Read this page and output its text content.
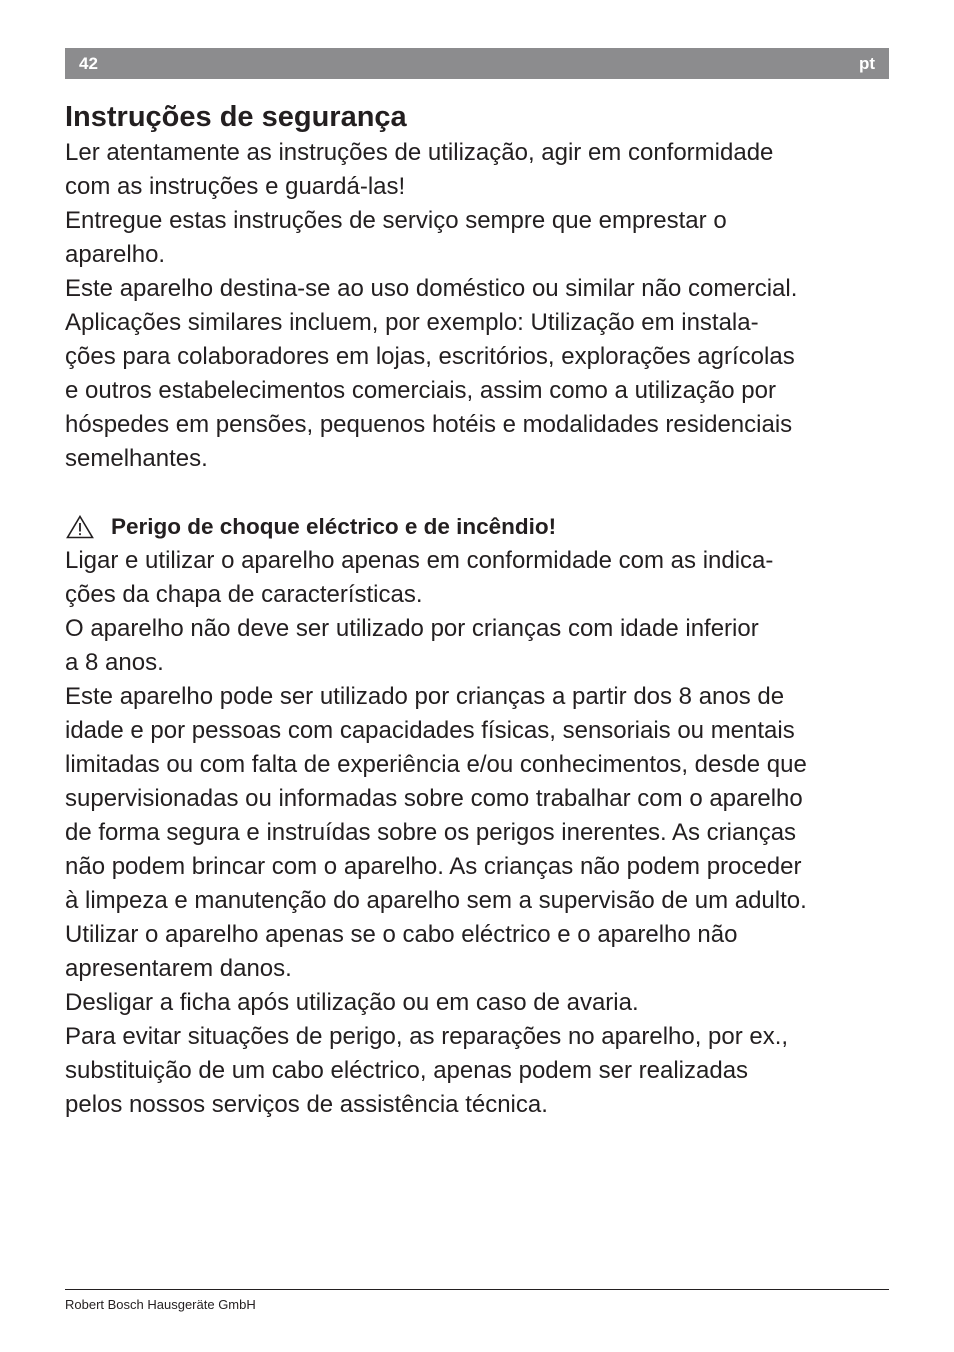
42	pt
Instruções de segurança

Ler atentamente as instruções de utilização, agir em conformidade
com as instruções e guardá-las!

Entregue estas instruções de serviço sempre que emprestar o
aparelho.

Este aparelho destina-se ao uso doméstico ou similar não comercial.
Aplicações similares incluem, por exemplo: Utilização em instala-
ções para colaboradores em lojas, escritórios, explorações agrícolas
e outros estabelecimentos comerciais, assim como a utilização por
hóspedes em pensões, pequenos hotéis e modalidades residenciais
semelhantes.

Perigo de choque eléctrico e de incêndio!

Ligar e utilizar o aparelho apenas em conformidade com as indica-
ções da chapa de características.

O aparelho não deve ser utilizado por crianças com idade inferior
a 8 anos.

Este aparelho pode ser utilizado por crianças a partir dos 8 anos de
idade e por pessoas com capacidades físicas, sensoriais ou mentais
limitadas ou com falta de experiência e/ou conhecimentos, desde que
supervisionadas ou informadas sobre como trabalhar com o aparelho
de forma segura e instruídas sobre os perigos inerentes. As crianças
não podem brincar com o aparelho. As crianças não podem proceder
à limpeza e manutenção do aparelho sem a supervisão de um adulto.

Utilizar o aparelho apenas se o cabo eléctrico e o aparelho não
apresentarem danos.

Desligar a ficha após utilização ou em caso de avaria.

Para evitar situações de perigo, as reparações no aparelho, por ex.,
substituição de um cabo eléctrico, apenas podem ser realizadas
pelos nossos serviços de assistência técnica.

Robert Bosch Hausgeräte GmbH
